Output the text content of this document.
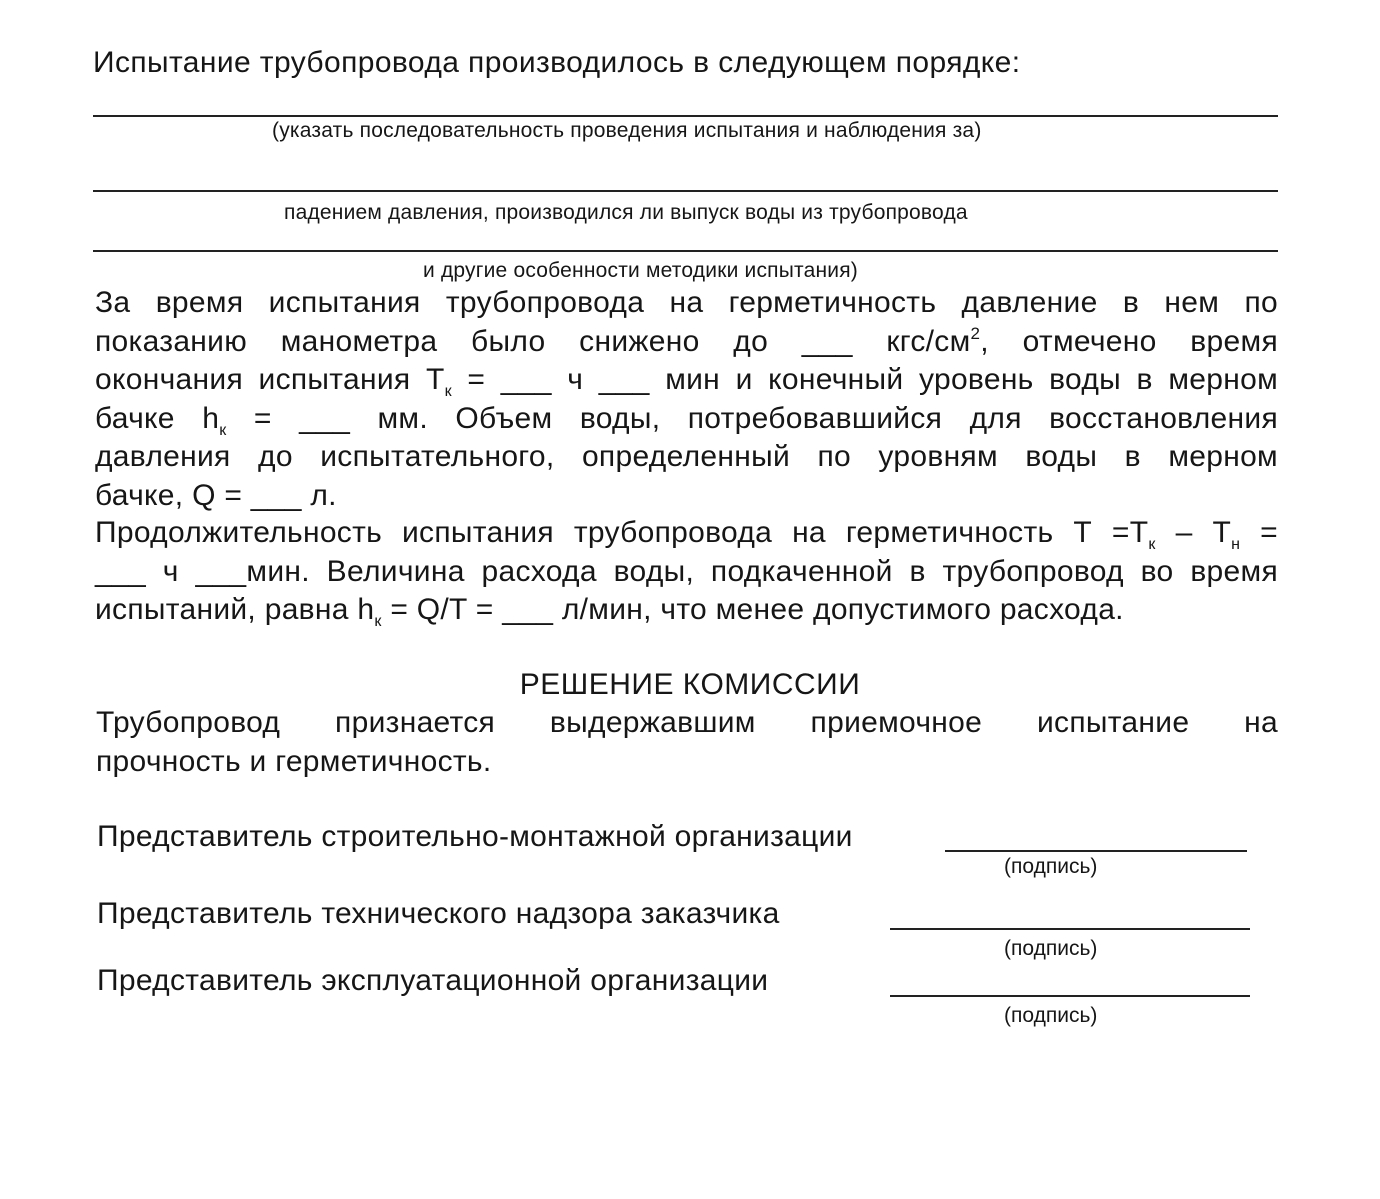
Испытание трубопровода производилось в следующем порядке:

(указать последовательность проведения испытания и наблюдения за)
падением давления, производился ли выпуск воды из трубопровода
и другие особенности методики испытания)
За время испытания трубопровода на герметичность давление в нем по
показанию манометра было снижено до ___ кгс/$см^2$, отмечено время
окончания испытания $Т_к$ = ___ ч ___ мин и конечный уровень воды в мерном
бачке $h_к$ = ___ мм. Объем воды, потребовавшийся для восстановления
давления до испытательного, определенный по уровням воды в мерном
бачке, Q = ___ л.
Продолжительность испытания трубопровода на герметичность $Т =Т_к - Т_н$ =
___ ч ___мин. Величина расхода воды, подкаченной в трубопровод во время
испытаний, равна $h_к = Q/T$ = ___ л/мин, что менее допустимого расхода.
РЕШЕНИЕ КОМИССИИ
Трубопровод признается выдержавшим приемочное испытание на
прочность и герметичность.
Представитель строительно-монтажной организации
(подпись)
Представитель технического надзора заказчика
(подпись)
Представитель эксплуатационной организации
(подпись)
